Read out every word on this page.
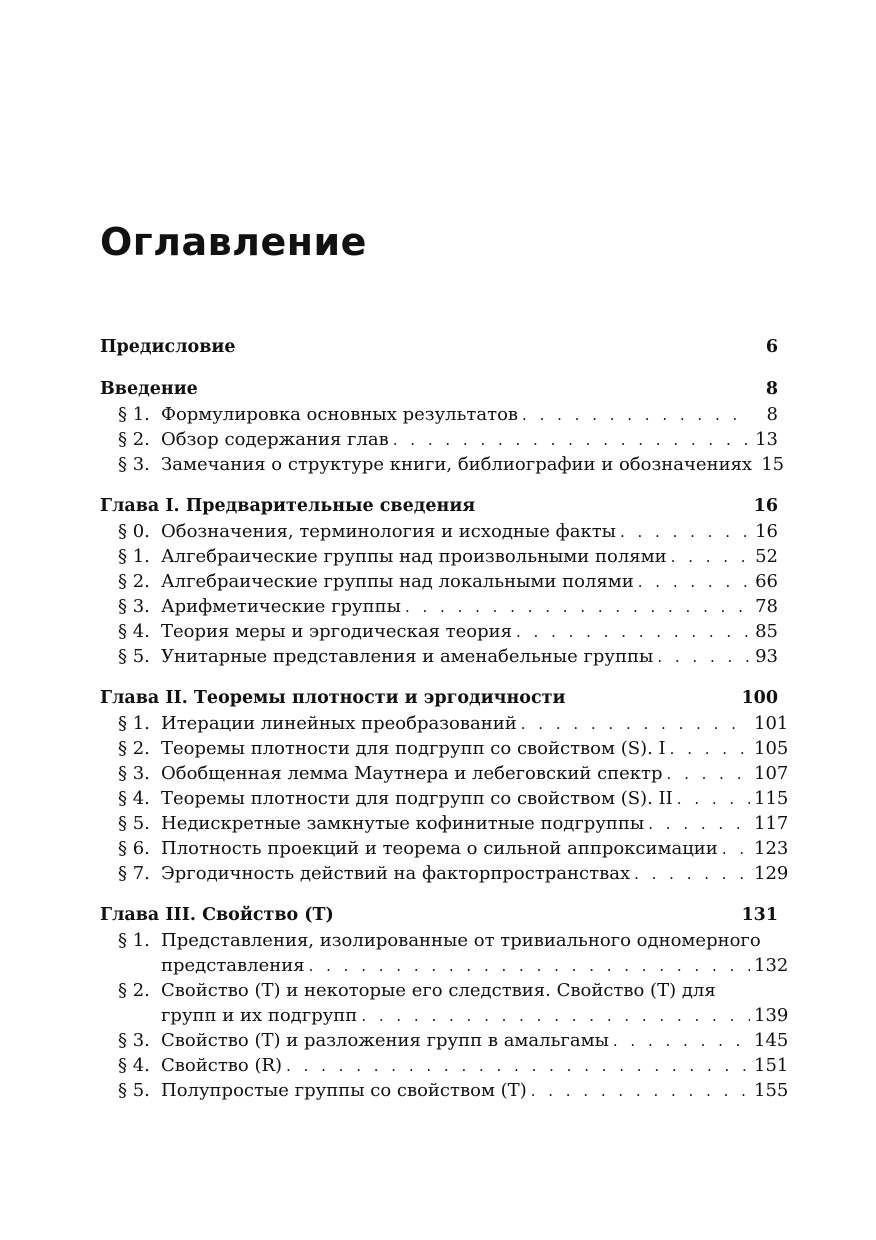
Оглавление
Предисловие	6
Введение	8
§ 1. Формулировка основных результатов . . .	8
§ 2. Обзор содержания глав . . .	13
§ 3. Замечания о структуре книги, библиографии и обозначениях 15
Глава I. Предварительные сведения	16
§ 0. Обозначения, терминология и исходные факты . . .	16
§ 1. Алгебраические группы над произвольными полями . . .	52
§ 2. Алгебраические группы над локальными полями . . .	66
§ 3. Арифметические группы . . .	78
§ 4. Теория меры и эргодическая теория . . .	85
§ 5. Унитарные представления и аменабельные группы . . .	93
Глава II. Теоремы плотности и эргодичности	100
§ 1. Итерации линейных преобразований . . .	101
§ 2. Теоремы плотности для подгрупп со свойством (S). I . . .	105
§ 3. Обобщенная лемма Маутнера и лебеговский спектр . . .	107
§ 4. Теоремы плотности для подгрупп со свойством (S). II . . .	115
§ 5. Недискретные замкнутые кофинитные подгруппы . . .	117
§ 6. Плотность проекций и теорема о сильной аппроксимации . . . 123
§ 7. Эргодичность действий на факторпространствах . . .	129
Глава III. Свойство (T)	131
§ 1. Представления, изолированные от тривиального одномерного
представления . . .	132
§ 2. Свойство (T) и некоторые его следствия. Свойство (T) для
групп и их подгрупп . . .	139
§ 3. Свойство (T) и разложения групп в амальгамы . . .	145
§ 4. Свойство (R) . . .	151
§ 5. Полупростые группы со свойством (T) . . .	155
